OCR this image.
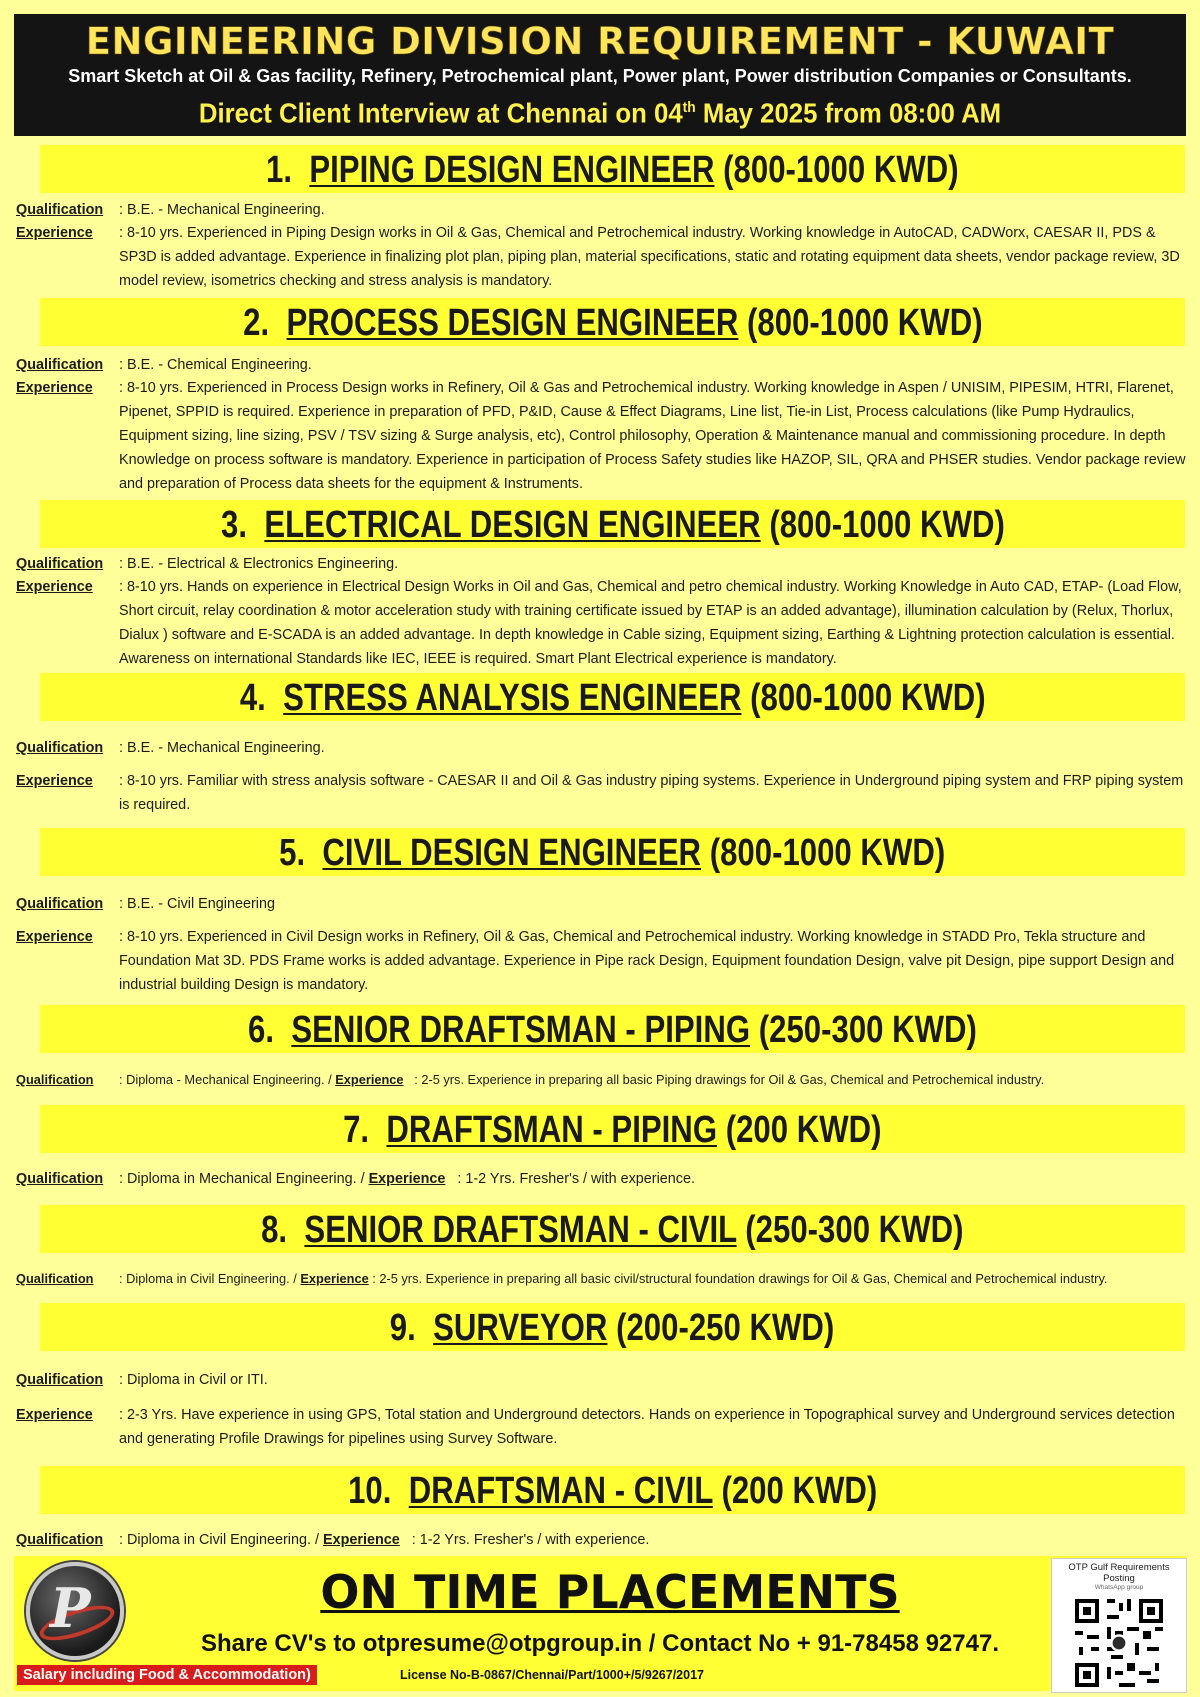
ENGINEERING DIVISION REQUIREMENT - KUWAIT
Smart Sketch at Oil & Gas facility, Refinery, Petrochemical plant, Power plant, Power distribution Companies or Consultants.
Direct Client Interview at Chennai on 04th May 2025 from 08:00 AM
1. PIPING DESIGN ENGINEER (800-1000 KWD)
Qualification : B.E. - Mechanical Engineering.
Experience : 8-10 yrs. Experienced in Piping Design works in Oil & Gas, Chemical and Petrochemical industry. Working knowledge in AutoCAD, CADWorx, CAESAR II, PDS & SP3D is added advantage. Experience in finalizing plot plan, piping plan, material specifications, static and rotating equipment data sheets, vendor package review, 3D model review, isometrics checking and stress analysis is mandatory.
2. PROCESS DESIGN ENGINEER (800-1000 KWD)
Qualification : B.E. - Chemical Engineering.
Experience : 8-10 yrs. Experienced in Process Design works in Refinery, Oil & Gas and Petrochemical industry. Working knowledge in Aspen / UNISIM, PIPESIM, HTRI, Flarenet, Pipenet, SPPID is required. Experience in preparation of PFD, P&ID, Cause & Effect Diagrams, Line list, Tie-in List, Process calculations (like Pump Hydraulics, Equipment sizing, line sizing, PSV / TSV sizing & Surge analysis, etc), Control philosophy, Operation & Maintenance manual and commissioning procedure. In depth Knowledge on process software is mandatory. Experience in participation of Process Safety studies like HAZOP, SIL, QRA and PHSER studies. Vendor package review and preparation of Process data sheets for the equipment & Instruments.
3. ELECTRICAL DESIGN ENGINEER (800-1000 KWD)
Qualification : B.E. - Electrical & Electronics Engineering.
Experience : 8-10 yrs. Hands on experience in Electrical Design Works in Oil and Gas, Chemical and petro chemical industry. Working Knowledge in Auto CAD, ETAP- (Load Flow, Short circuit, relay coordination & motor acceleration study with training certificate issued by ETAP is an added advantage), illumination calculation by (Relux, Thorlux, Dialux ) software and E-SCADA is an added advantage. In depth knowledge in Cable sizing, Equipment sizing, Earthing & Lightning protection calculation is essential. Awareness on international Standards like IEC, IEEE is required. Smart Plant Electrical experience is mandatory.
4. STRESS ANALYSIS ENGINEER (800-1000 KWD)
Qualification : B.E. - Mechanical Engineering.
Experience : 8-10 yrs. Familiar with stress analysis software - CAESAR II and Oil & Gas industry piping systems. Experience in Underground piping system and FRP piping system is required.
5. CIVIL DESIGN ENGINEER (800-1000 KWD)
Qualification : B.E. - Civil Engineering
Experience : 8-10 yrs. Experienced in Civil Design works in Refinery, Oil & Gas, Chemical and Petrochemical industry. Working knowledge in STADD Pro, Tekla structure and Foundation Mat 3D. PDS Frame works is added advantage. Experience in Pipe rack Design, Equipment foundation Design, valve pit Design, pipe support Design and industrial building Design is mandatory.
6. SENIOR DRAFTSMAN - PIPING (250-300 KWD)
Qualification : Diploma - Mechanical Engineering. / Experience : 2-5 yrs. Experience in preparing all basic Piping drawings for Oil & Gas, Chemical and Petrochemical industry.
7. DRAFTSMAN - PIPING (200 KWD)
Qualification : Diploma in Mechanical Engineering. / Experience : 1-2 Yrs. Fresher's / with experience.
8. SENIOR DRAFTSMAN - CIVIL (250-300 KWD)
Qualification : Diploma in Civil Engineering. / Experience : 2-5 yrs. Experience in preparing all basic civil/structural foundation drawings for Oil & Gas, Chemical and Petrochemical industry.
9. SURVEYOR (200-250 KWD)
Qualification : Diploma in Civil or ITI.
Experience : 2-3 Yrs. Have experience in using GPS, Total station and Underground detectors. Hands on experience in Topographical survey and Underground services detection and generating Profile Drawings for pipelines using Survey Software.
10. DRAFTSMAN - CIVIL (200 KWD)
Qualification : Diploma in Civil Engineering. / Experience : 1-2 Yrs. Fresher's / with experience.
P	ON TIME PLACEMENTS
Share CV's to otpresume@otpgroup.in / Contact No + 91-78458 92747.
Salary including Food & Accommodation)	License No-B-0867/Chennai/Part/1000+/5/9267/2017
OTP Gulf Requirements Posting
WhatsApp group
